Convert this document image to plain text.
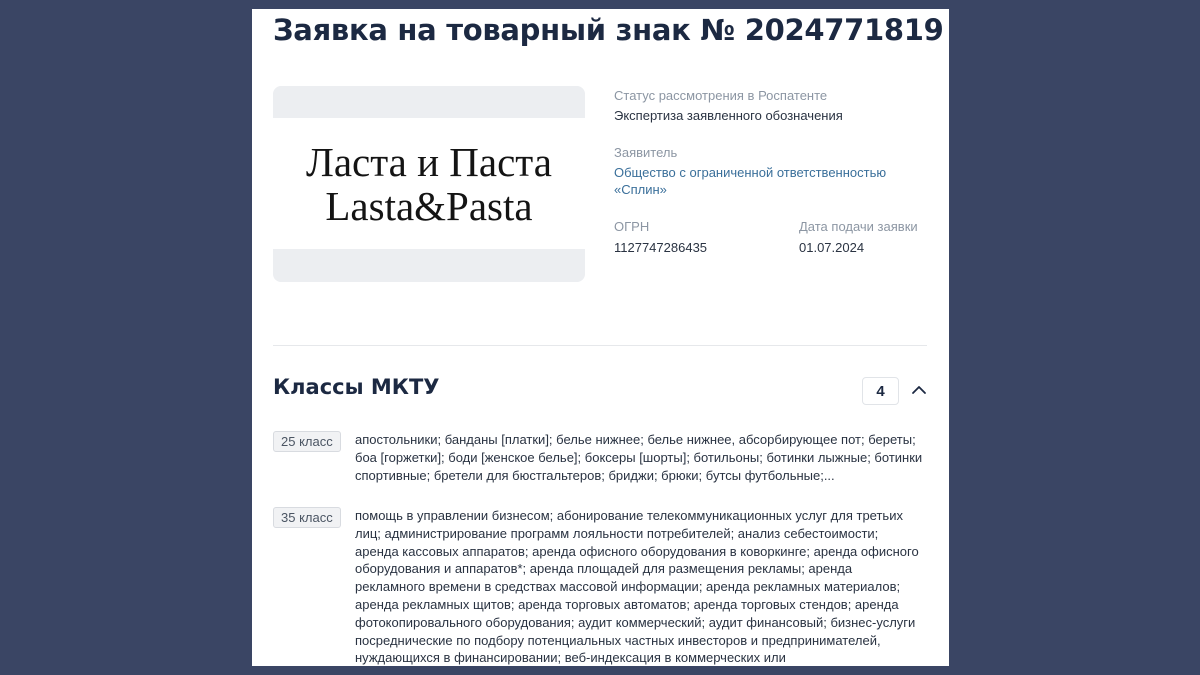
Заявка на товарный знак № 2024771819
Ласта и Паста
Lasta&Pasta
Статус рассмотрения в Роспатенте
Экспертиза заявленного обозначения
Заявитель
Общество с ограниченной ответственностью
«Сплин»
ОГРН
1127747286435
Дата подачи заявки
01.07.2024
Классы МКТУ	4
25 класс	апостольники; банданы [платки]; белье нижнее; белье нижнее, абсорбирующее пот; береты; боа [горжетки]; боди [женское белье]; боксеры [шорты]; ботильоны; ботинки лыжные; ботинки спортивные; бретели для бюстгальтеров; бриджи; брюки; бутсы футбольные;...
35 класс	помощь в управлении бизнесом; абонирование телекоммуникационных услуг для третьих лиц; администрирование программ лояльности потребителей; анализ себестоимости; аренда кассовых аппаратов; аренда офисного оборудования в коворкинге; аренда офисного оборудования и аппаратов*; аренда площадей для размещения рекламы; аренда рекламного времени в средствах массовой информации; аренда рекламных материалов; аренда рекламных щитов; аренда торговых автоматов; аренда торговых стендов; аренда фотокопировального оборудования; аудит коммерческий; аудит финансовый; бизнес-услуги посреднические по подбору потенциальных частных инвесторов и предпринимателей, нуждающихся в финансировании; веб-индексация в коммерческих или
